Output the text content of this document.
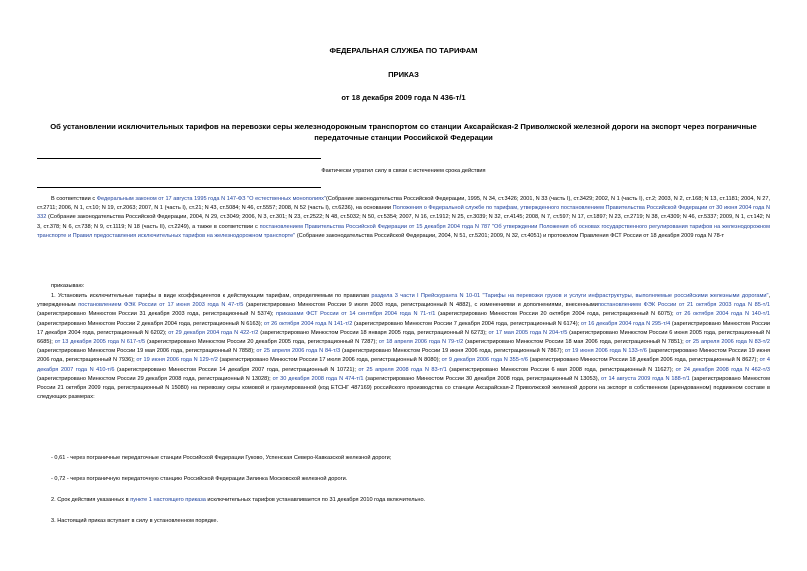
ФЕДЕРАЛЬНАЯ СЛУЖБА ПО ТАРИФАМ
ПРИКАЗ
от 18 декабря 2009 года N 436-т/1
Об установлении исключительных тарифов на перевозки серы железнодорожным транспортом со станции Аксарайская-2 Приволжской железной дороги на экспорт через пограничные передаточные станции Российской Федерации
Фактически утратил силу в связи с истечением срока действия
В соответствии с Федеральным законом от 17 августа 1995 года N 147-ФЗ "О естественных монополиях"(Собрание законодательства Российской Федерации, 1995, N 34, ст.3426; 2001, N 33 (часть I), ст.3429; 2002, N 1 (часть I), ст.2; 2003, N 2, ст.168; N 13, ст.1181; 2004, N 27, ст.2711; 2006, N 1, ст.10; N 19, ст.2063; 2007, N 1 (часть I), ст.21; N 43, ст.5084; N 46, ст.5557; 2008, N 52 (часть I), ст.6236), на основании Положения о Федеральной службе по тарифам, утвержденного постановлением Правительства Российской Федерации от 30 июня 2004 года N 332 (Собрание законодательства Российской Федерации, 2004, N 29, ст.3049; 2006, N 3, ст.301; N 23, ст.2522; N 48, ст.5032; N 50, ст.5354; 2007, N 16, ст.1912; N 25, ст.3039; N 32, ст.4145; 2008, N 7, ст.597; N 17, ст.1897; N 23, ст.2719; N 38, ст.4309; N 46, ст.5337; 2009, N 1, ст.142; N 3, ст.378; N 6, ст.738; N 9, ст.1119; N 18 (часть II), ст.2249), а также в соответствии с постановлением Правительства Российской Федерации от 15 декабря 2004 года N 787 "Об утверждении Положения об основах государственного регулирования тарифов на железнодорожном транспорте и Правил предоставления исключительных тарифов на железнодорожном транспорте" (Собрание законодательства Российской Федерации, 2004, N 51, ст.5201; 2009, N 32, ст.4051) и протоколом Правления ФСТ России от 18 декабря 2009 года N 78-т
приказываю:
1. Установить исключительные тарифы в виде коэффициентов к действующим тарифам, определяемым по правилам раздела 3 части I Прейскуранта N 10-01 "Тарифы на перевозки грузов и услуги инфраструктуры, выполняемые российскими железными дорогами", утвержденным постановлением ФЭК России от 17 июня 2003 года N 47-т/5 (зарегистрировано Минюстом России 9 июля 2003 года, регистрационный N 4882), с изменениями и дополнениями, внесеннымипостановлением ФЭК России от 21 октября 2003 года N 85-т/1 (зарегистрировано Минюстом России 31 декабря 2003 года, регистрационный N 5374); приказами ФСТ России от 14 сентября 2004 года N 71-т/1 (зарегистрировано Минюстом России 20 октября 2004 года, регистрационный N 6075); от 26 октября 2004 года N 140-т/1 (зарегистрировано Минюстом России 2 декабря 2004 года, регистрационный N 6163); от 26 октября 2004 года N 141-т/2 (зарегистрировано Минюстом России 7 декабря 2004 года, регистрационный N 6174); от 16 декабря 2004 года N 295-т/4 (зарегистрировано Минюстом России 17 декабря 2004 года, регистрационный N 6202); от 29 декабря 2004 года N 422-т/2 (зарегистрировано Минюстом России 18 января 2005 года, регистрационный N 6273); от 17 мая 2005 года N 204-т/5 (зарегистрировано Минюстом России 6 июня 2005 года, регистрационный N 6685); от 13 декабря 2005 года N 617-т/5 (зарегистрировано Минюстом России 20 декабря 2005 года, регистрационный N 7287); от 18 апреля 2006 года N 79-т/2 (зарегистрировано Минюстом России 18 мая 2006 года, регистрационный N 7851); от 25 апреля 2006 года N 83-т/2 (зарегистрировано Минюстом России 19 мая 2006 года, регистрационный N 7858); от 25 апреля 2006 года N 84-т/3 (зарегистрировано Минюстом России 19 июня 2006 года, регистрационный N 7867); от 19 июня 2006 года N 133-т/6 (зарегистрировано Минюстом России 19 июня 2006 года, регистрационный N 7936); от 19 июня 2006 года N 129-т/2 (зарегистрировано Минюстом России 17 июля 2006 года, регистрационный N 8080); от 9 декабря 2006 года N 355-т/6 (зарегистрировано Минюстом России 18 декабря 2006 года, регистрационный N 8627); от 4 декабря 2007 года N 410-т/6 (зарегистрировано Минюстом России 14 декабря 2007 года, регистрационный N 10721); от 25 апреля 2008 года N 83-т/1 (зарегистрировано Минюстом России 6 мая 2008 года, регистрационный N 11627); от 24 декабря 2008 года N 462-т/3 (зарегистрировано Минюстом России 29 декабря 2008 года, регистрационный N 13028); от 30 декабря 2008 года N 474-т/1 (зарегистрировано Минюстом России 30 декабря 2008 года, регистрационный N 13053), от 14 августа 2009 года N 188-т/1 (зарегистрировано Минюстом России 21 октября 2009 года, регистрационный N 15080) на перевозку серы комовой и гранулированной (код ЕТСНГ 487169) российского производства со станции Аксарайская-2 Приволжской железной дороги на экспорт в собственном (арендованном) подвижном составе в следующих размерах:
- 0,61 - через пограничные передаточные станции Российской Федерации Гуково, Успенская Северо-Кавказской железной дороги;
- 0,72 - через пограничную передаточную станцию Российской Федерации Зилинка Московской железной дороги.
2. Срок действия указанных в пункте 1 настоящего приказа исключительных тарифов устанавливается по 31 декабря 2010 года включительно.
3. Настоящий приказ вступает в силу в установленном порядке.
